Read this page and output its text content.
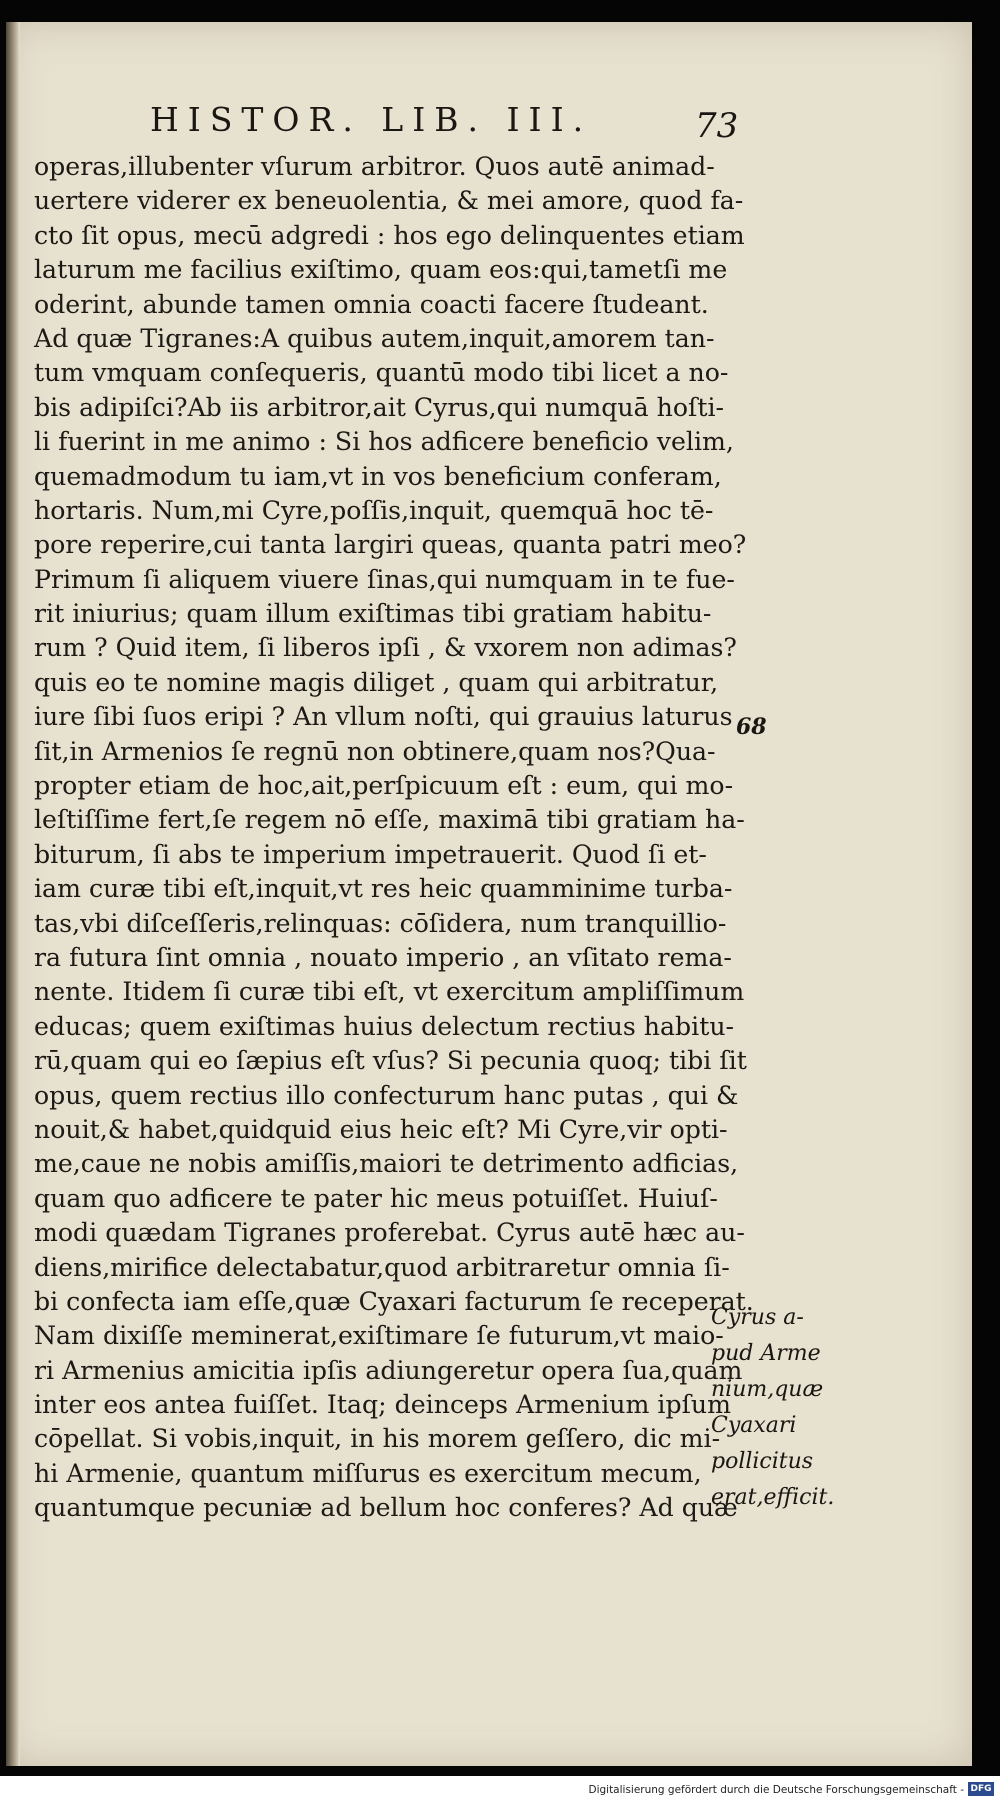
HISTOR. LIB. III.	73
operas,illubenter vſurum arbitror. Quos autē animad-
uertere viderer ex beneuolentia, & mei amore, quod fa-
cto ſit opus, mecū adgredi : hos ego delinquentes etiam
laturum me facilius exiſtimo, quam eos:qui,tametſi me
oderint, abunde tamen omnia coacti facere ſtudeant.
Ad quæ Tigranes:A quibus autem,inquit,amorem tan-
tum vmquam conſequeris, quantū modo tibi licet a no-
bis adipiſci?Ab iis arbitror,ait Cyrus,qui numquā hoſti-
li fuerint in me animo : Si hos adficere beneficio velim,
quemadmodum tu iam,vt in vos beneficium conferam,
hortaris. Num,mi Cyre,poſſis,inquit, quemquā hoc tē-
pore reperire,cui tanta largiri queas, quanta patri meo?
Primum ſi aliquem viuere ſinas,qui numquam in te fue-
rit iniurius; quam illum exiſtimas tibi gratiam habitu-
rum ? Quid item, ſi liberos ipſi , & vxorem non adimas?
quis eo te nomine magis diliget , quam qui arbitratur,
iure ſibi ſuos eripi ? An vllum noſti, qui grauius laturus
ſit,in Armenios ſe regnū non obtinere,quam nos?Qua-
propter etiam de hoc,ait,perſpicuum eſt : eum, qui mo-
leſtiſſime fert,ſe regem nō eſſe, maximā tibi gratiam ha-
biturum, ſi abs te imperium impetrauerit. Quod ſi et-
iam curæ tibi eſt,inquit,vt res heic quamminime turba-
tas,vbi diſceſſeris,relinquas: cōſidera, num tranquillio-
ra futura ſint omnia , nouato imperio , an vſitato rema-
nente. Itidem ſi curæ tibi eſt, vt exercitum ampliſſimum
educas; quem exiſtimas huius delectum rectius habitu-
rū,quam qui eo ſæpius eſt vſus? Si pecunia quoq; tibi ſit
opus, quem rectius illo confecturum hanc putas , qui &
nouit,& habet,quidquid eius heic eſt? Mi Cyre,vir opti-
me,caue ne nobis amiſſis,maiori te detrimento adficias,
quam quo adficere te pater hic meus potuiſſet. Huiuſ-
modi quædam Tigranes proferebat. Cyrus autē hæc au-
diens,mirifice delectabatur,quod arbitraretur omnia ſi-
bi confecta iam eſſe,quæ Cyaxari facturum ſe receperat.
Nam dixiſſe meminerat,exiſtimare ſe futurum,vt maio-
ri Armenius amicitia ipſis adiungeretur opera ſua,quam
inter eos antea fuiſſet. Itaq; deinceps Armenium ipſum
cōpellat. Si vobis,inquit, in his morem geſſero, dic mi-
hi Armenie, quantum miſſurus es exercitum mecum,
quantumque pecuniæ ad bellum hoc conferes? Ad quæ
68
Cyrus a-
pud Arme
nium,quæ
Cyaxari
pollicitus
erat,efficit.
Digitalisierung gefördert durch die Deutsche Forschungsgemeinschaft - DFG
